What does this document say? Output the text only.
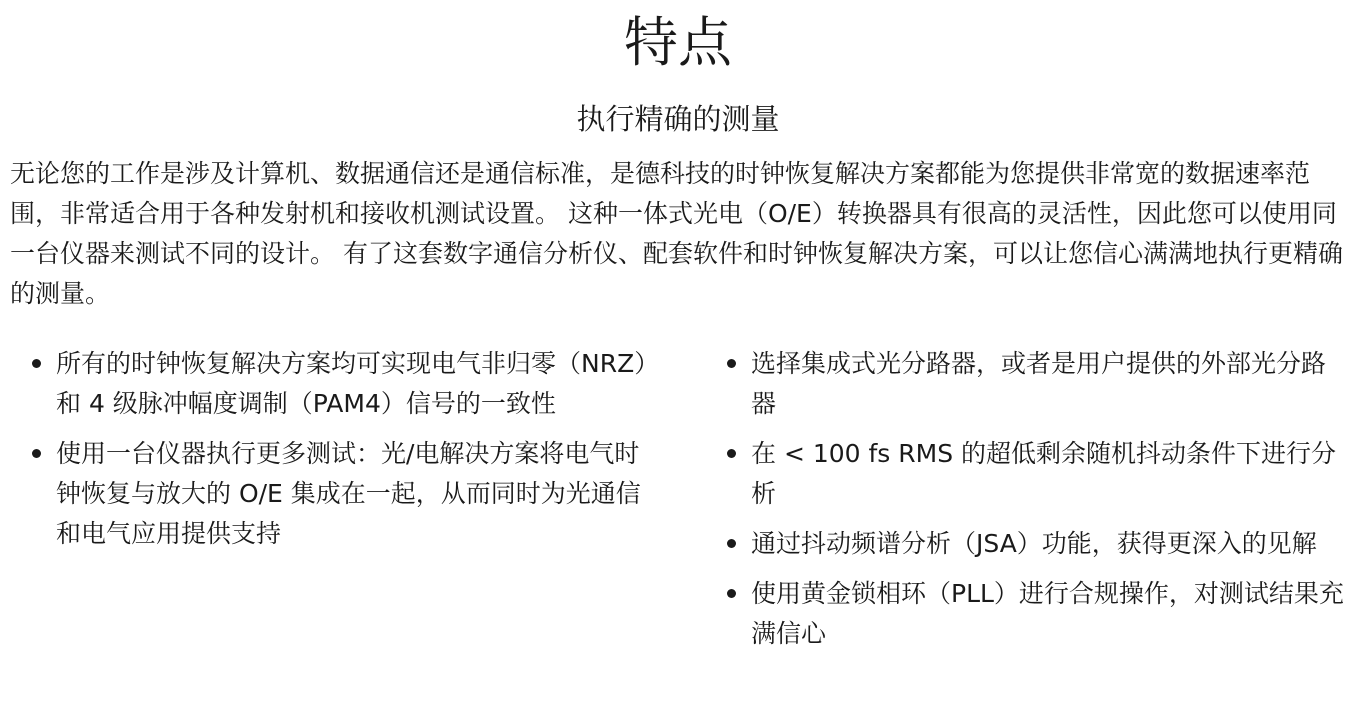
特点
执行精确的测量

无论您的工作是涉及计算机、数据通信还是通信标准，是德科技的时钟恢复解决方案都能为您提供非常宽的数据速率范围，非常适合用于各种发射机和接收机测试设置。 这种一体式光电（O/E）转换器具有很高的灵活性，因此您可以使用同一台仪器来测试不同的设计。 有了这套数字通信分析仪、配套软件和时钟恢复解决方案，可以让您信心满满地执行更精确的测量。

所有的时钟恢复解决方案均可实现电气非归零（NRZ）和 4 级脉冲幅度调制（PAM4）信号的一致性
使用一台仪器执行更多测试：光/电解决方案将电气时钟恢复与放大的 O/E 集成在一起，从而同时为光通信和电气应用提供支持
选择集成式光分路器，或者是用户提供的外部光分路器
在 < 100 fs RMS 的超低剩余随机抖动条件下进行分析
通过抖动频谱分析（JSA）功能，获得更深入的见解
使用黄金锁相环（PLL）进行合规操作，对测试结果充满信心
